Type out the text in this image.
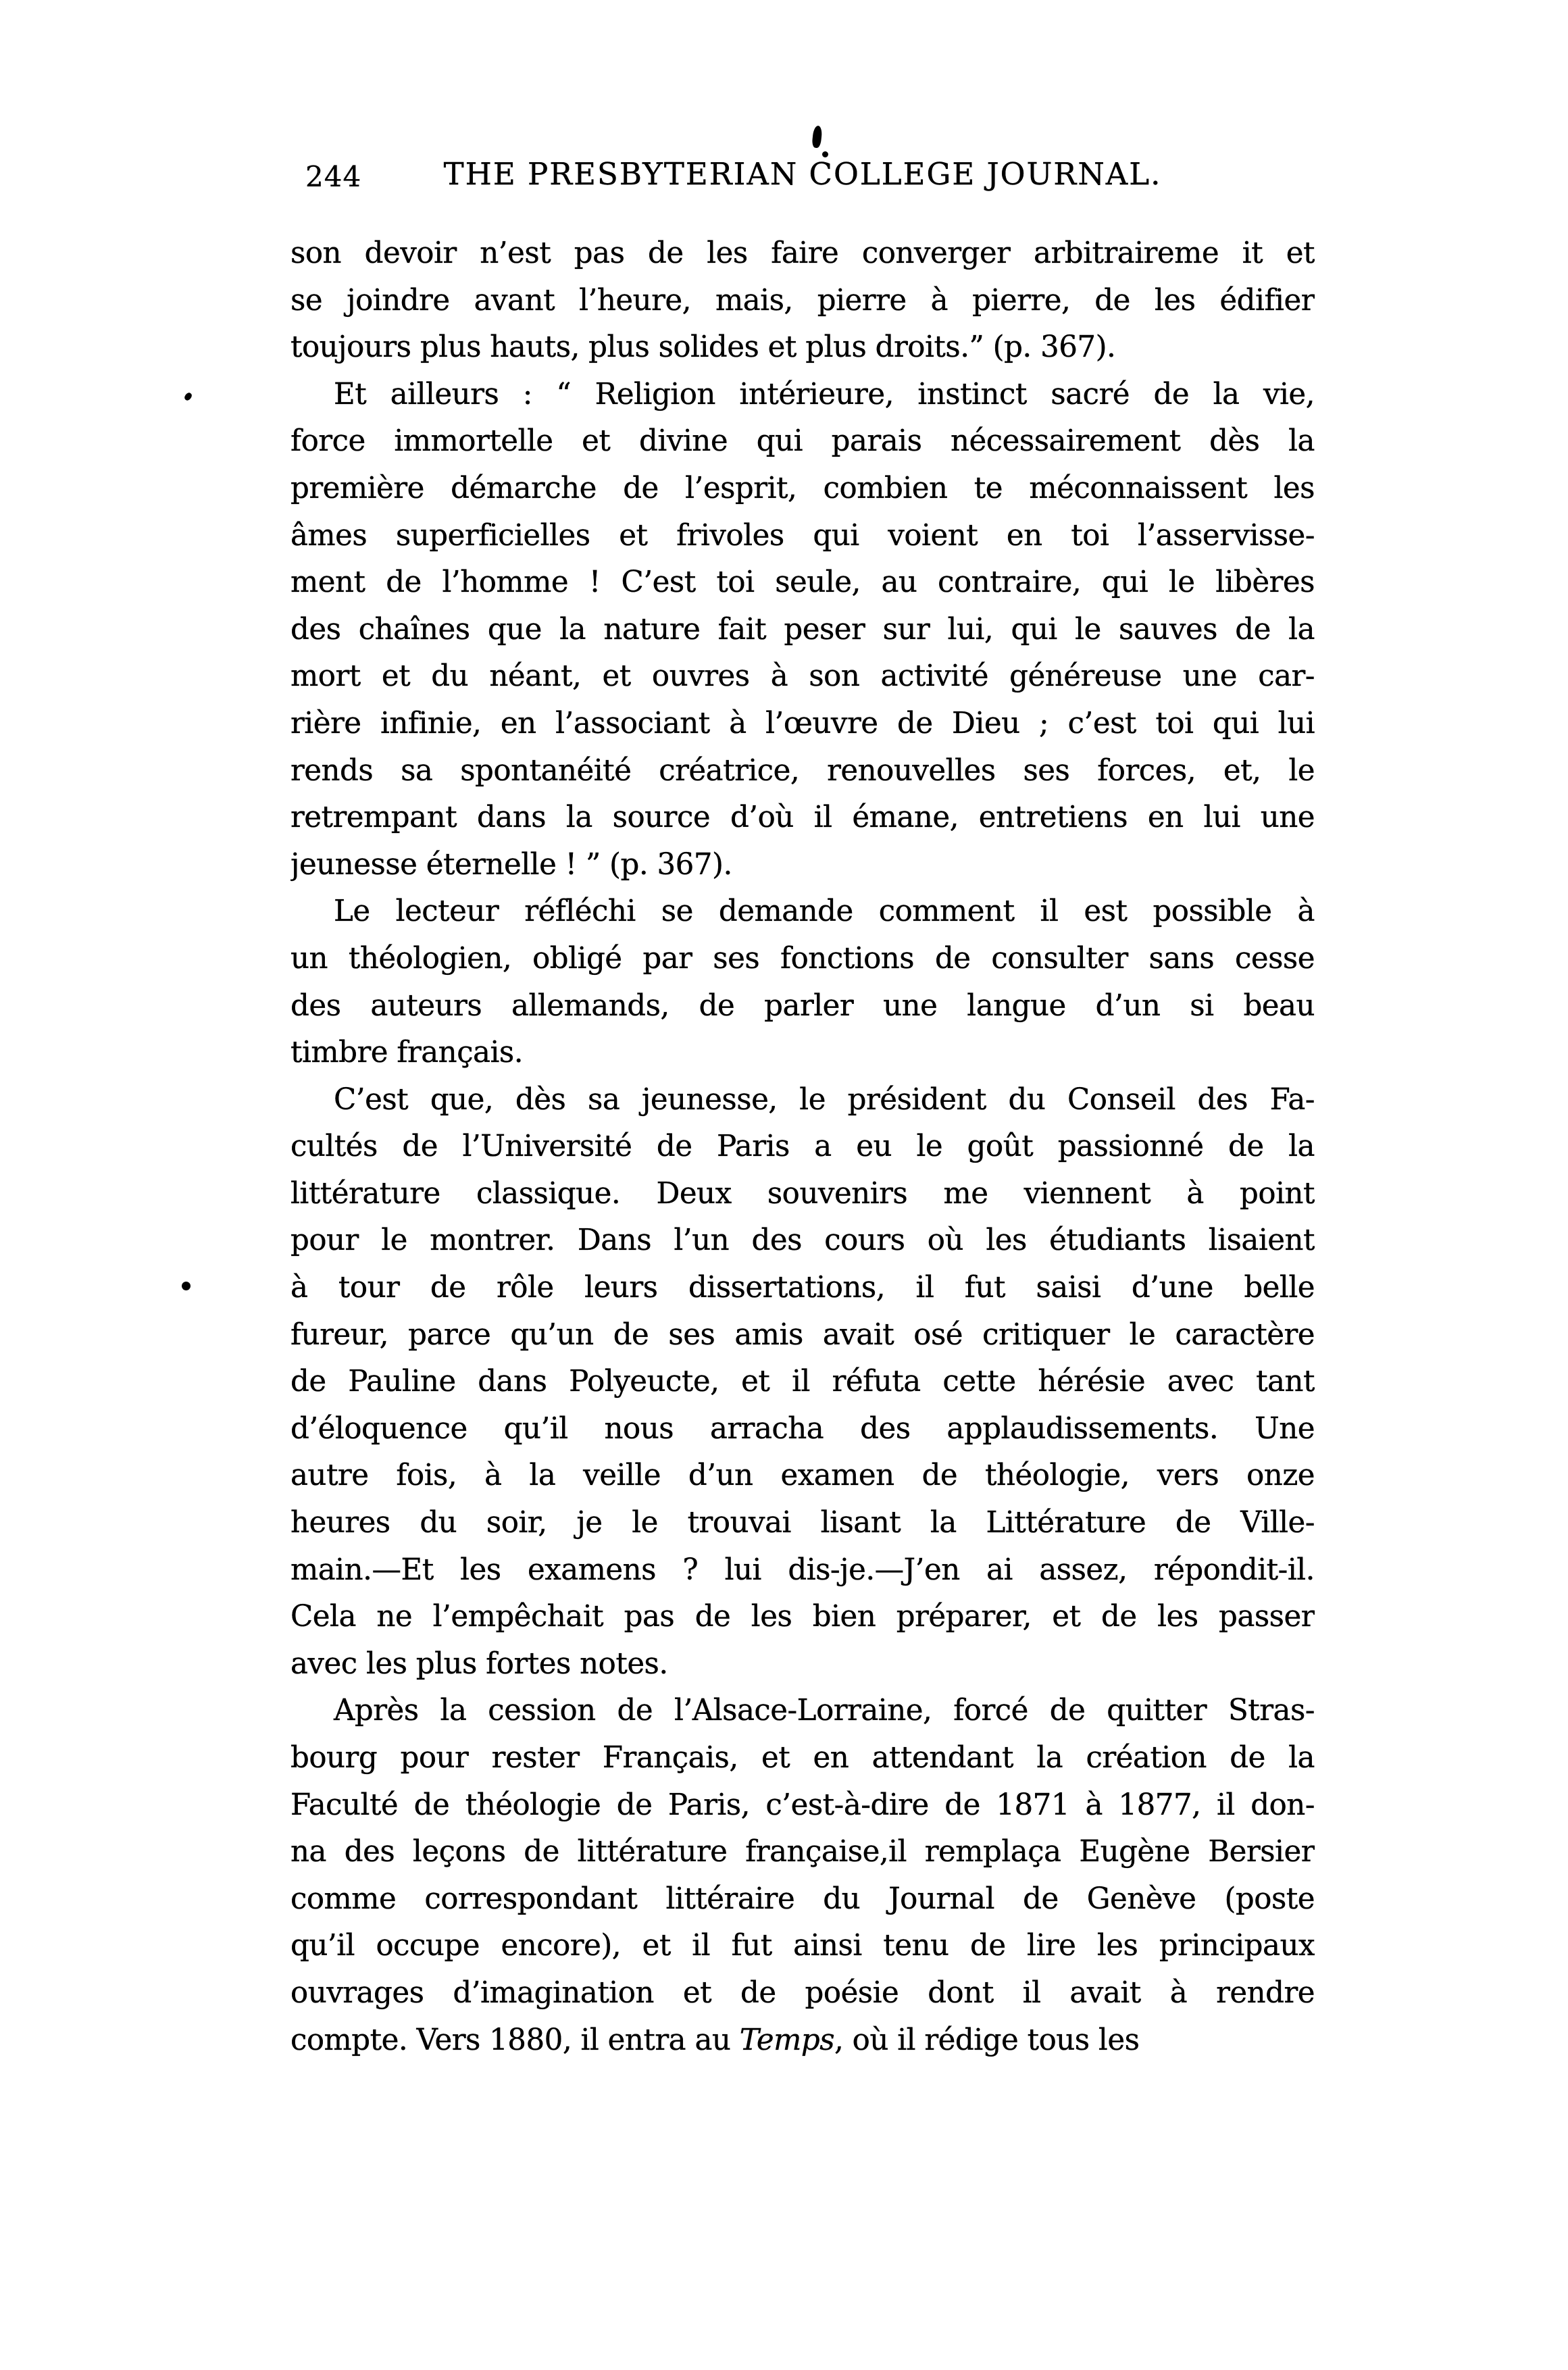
244	THE PRESBYTERIAN COLLEGE JOURNAL.

son devoir n’est pas de les faire converger arbitraireme it et
se joindre avant l’heure, mais, pierre à pierre, de les édifier
toujours plus hauts, plus solides et plus droits.” (p. 367).

Et ailleurs : “ Religion intérieure, instinct sacré de la vie,
force immortelle et divine qui parais nécessairement dès la
première démarche de l’esprit, combien te méconnaissent les
âmes superficielles et frivoles qui voient en toi l’asservisse-
ment de l’homme ! C’est toi seule, au contraire, qui le libères
des chaînes que la nature fait peser sur lui, qui le sauves de la
mort et du néant, et ouvres à son activité généreuse une car-
rière infinie, en l’associant à l’œuvre de Dieu ; c’est toi qui lui
rends sa spontanéité créatrice, renouvelles ses forces, et, le
retrempant dans la source d’où il émane, entretiens en lui une
jeunesse éternelle ! ” (p. 367).

Le lecteur réfléchi se demande comment il est possible à
un théologien, obligé par ses fonctions de consulter sans cesse
des auteurs allemands, de parler une langue d’un si beau
timbre français.

C’est que, dès sa jeunesse, le président du Conseil des Fa-
cultés de l’Université de Paris a eu le goût passionné de la
littérature classique. Deux souvenirs me viennent à point
pour le montrer. Dans l’un des cours où les étudiants lisaient
à tour de rôle leurs dissertations, il fut saisi d’une belle
fureur, parce qu’un de ses amis avait osé critiquer le caractère
de Pauline dans Polyeucte, et il réfuta cette hérésie avec tant
d’éloquence qu’il nous arracha des applaudissements. Une
autre fois, à la veille d’un examen de théologie, vers onze
heures du soir, je le trouvai lisant la Littérature de Ville-
main.—Et les examens ? lui dis-je.—J’en ai assez, répondit-il.
Cela ne l’empêchait pas de les bien préparer, et de les passer
avec les plus fortes notes.

Après la cession de l’Alsace-Lorraine, forcé de quitter Stras-
bourg pour rester Français, et en attendant la création de la
Faculté de théologie de Paris, c’est-à-dire de 1871 à 1877, il don-
na des leçons de littérature française,il remplaça Eugène Bersier
comme correspondant littéraire du Journal de Genève (poste
qu’il occupe encore), et il fut ainsi tenu de lire les principaux
ouvrages d’imagination et de poésie dont il avait à rendre
compte. Vers 1880, il entra au Temps, où il rédige tous les
